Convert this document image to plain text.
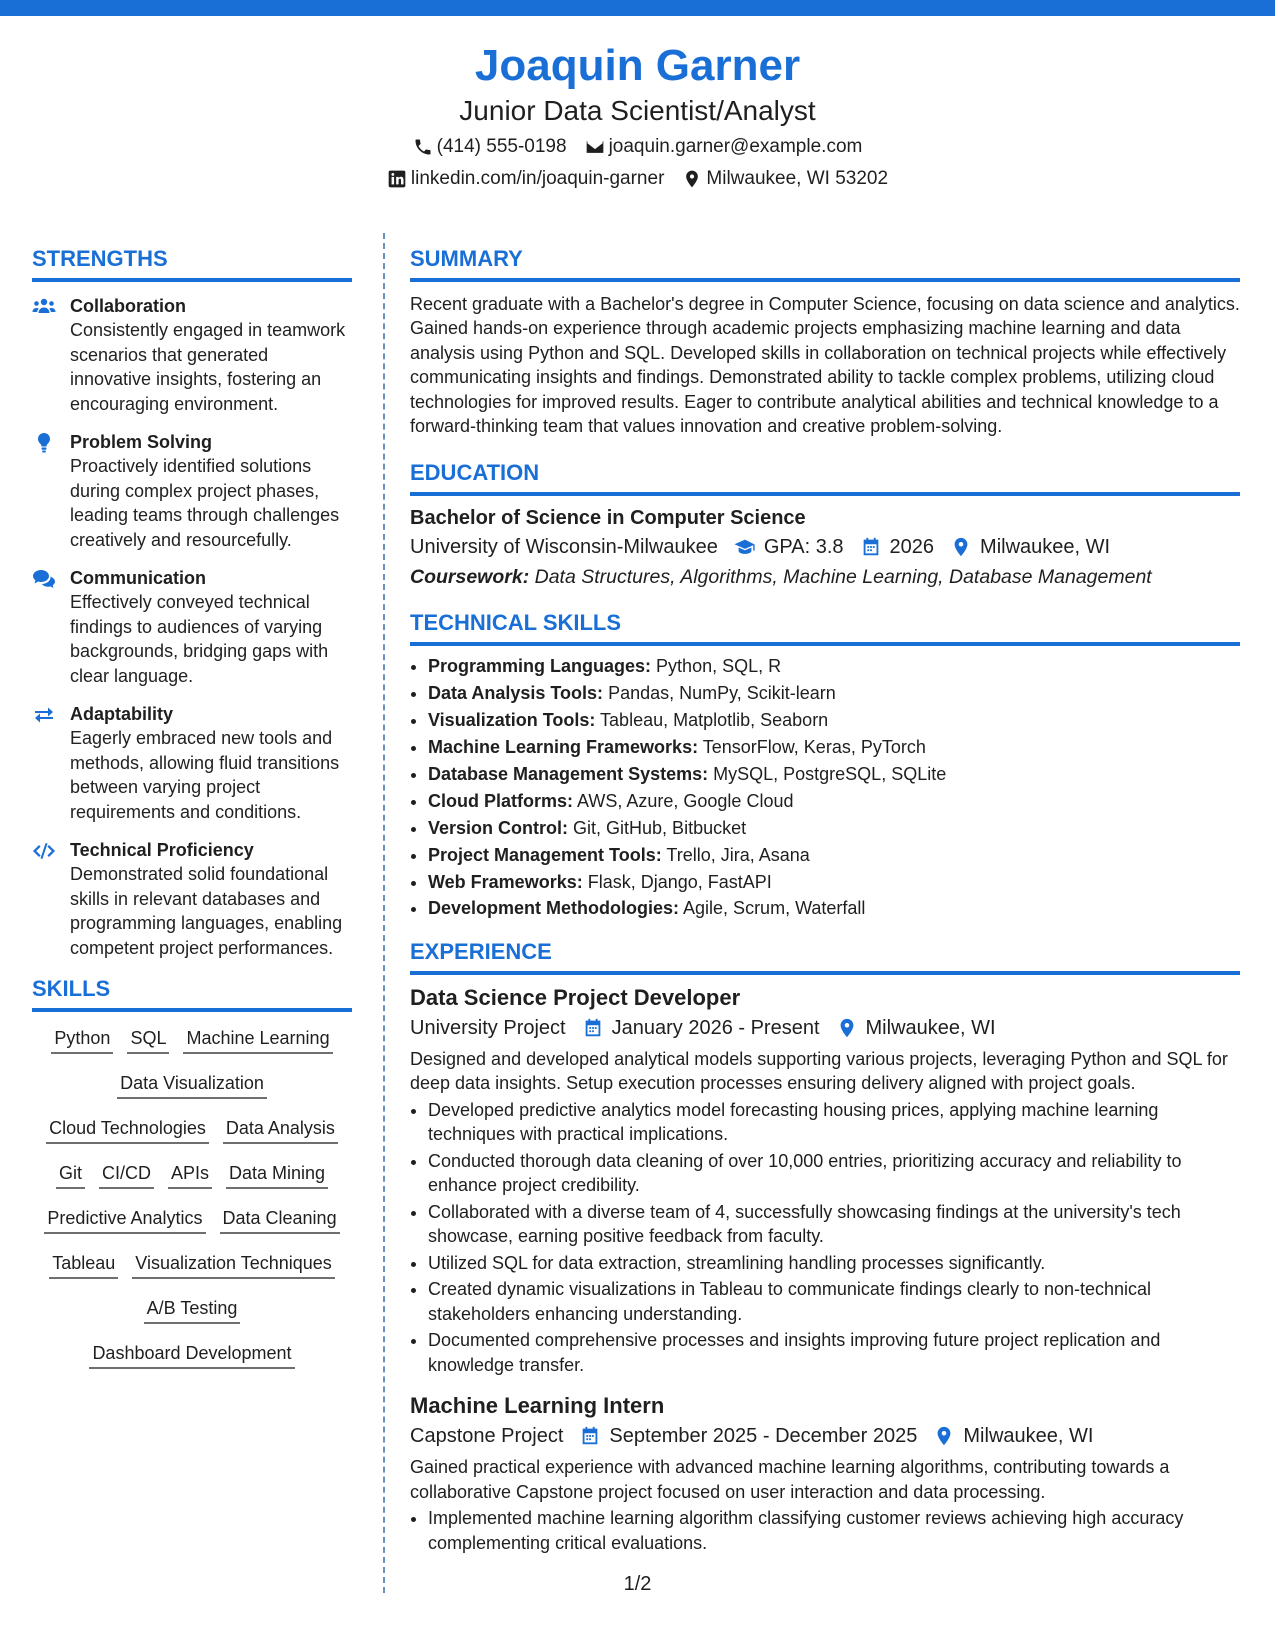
Joaquin Garner
Junior Data Scientist/Analyst
(414) 555-0198 joaquin.garner@example.com
linkedin.com/in/joaquin-garner Milwaukee, WI 53202
STRENGTHS
Collaboration
Consistently engaged in teamwork scenarios that generated innovative insights, fostering an encouraging environment.
Problem Solving
Proactively identified solutions during complex project phases, leading teams through challenges creatively and resourcefully.
Communication
Effectively conveyed technical findings to audiences of varying backgrounds, bridging gaps with clear language.
Adaptability
Eagerly embraced new tools and methods, allowing fluid transitions between varying project requirements and conditions.
Technical Proficiency
Demonstrated solid foundational skills in relevant databases and programming languages, enabling competent project performances.
SKILLS
Python SQL Machine Learning
Data Visualization
Cloud Technologies Data Analysis
Git CI/CD APIs Data Mining
Predictive Analytics Data Cleaning
Tableau Visualization Techniques
A/B Testing
Dashboard Development
SUMMARY
Recent graduate with a Bachelor's degree in Computer Science, focusing on data science and analytics. Gained hands-on experience through academic projects emphasizing machine learning and data analysis using Python and SQL. Developed skills in collaboration on technical projects while effectively communicating insights and findings. Demonstrated ability to tackle complex problems, utilizing cloud technologies for improved results. Eager to contribute analytical abilities and technical knowledge to a forward-thinking team that values innovation and creative problem-solving.
EDUCATION
Bachelor of Science in Computer Science
University of Wisconsin-Milwaukee GPA: 3.8 2026 Milwaukee, WI
Coursework: Data Structures, Algorithms, Machine Learning, Database Management
TECHNICAL SKILLS
• Programming Languages: Python, SQL, R
• Data Analysis Tools: Pandas, NumPy, Scikit-learn
• Visualization Tools: Tableau, Matplotlib, Seaborn
• Machine Learning Frameworks: TensorFlow, Keras, PyTorch
• Database Management Systems: MySQL, PostgreSQL, SQLite
• Cloud Platforms: AWS, Azure, Google Cloud
• Version Control: Git, GitHub, Bitbucket
• Project Management Tools: Trello, Jira, Asana
• Web Frameworks: Flask, Django, FastAPI
• Development Methodologies: Agile, Scrum, Waterfall
EXPERIENCE
Data Science Project Developer
University Project January 2026 - Present Milwaukee, WI
Designed and developed analytical models supporting various projects, leveraging Python and SQL for deep data insights. Setup execution processes ensuring delivery aligned with project goals.
• Developed predictive analytics model forecasting housing prices, applying machine learning techniques with practical implications.
• Conducted thorough data cleaning of over 10,000 entries, prioritizing accuracy and reliability to enhance project credibility.
• Collaborated with a diverse team of 4, successfully showcasing findings at the university's tech showcase, earning positive feedback from faculty.
• Utilized SQL for data extraction, streamlining handling processes significantly.
• Created dynamic visualizations in Tableau to communicate findings clearly to non-technical stakeholders enhancing understanding.
• Documented comprehensive processes and insights improving future project replication and knowledge transfer.
Machine Learning Intern
Capstone Project September 2025 - December 2025 Milwaukee, WI
Gained practical experience with advanced machine learning algorithms, contributing towards a collaborative Capstone project focused on user interaction and data processing.
• Implemented machine learning algorithm classifying customer reviews achieving high accuracy complementing critical evaluations.
1/2
